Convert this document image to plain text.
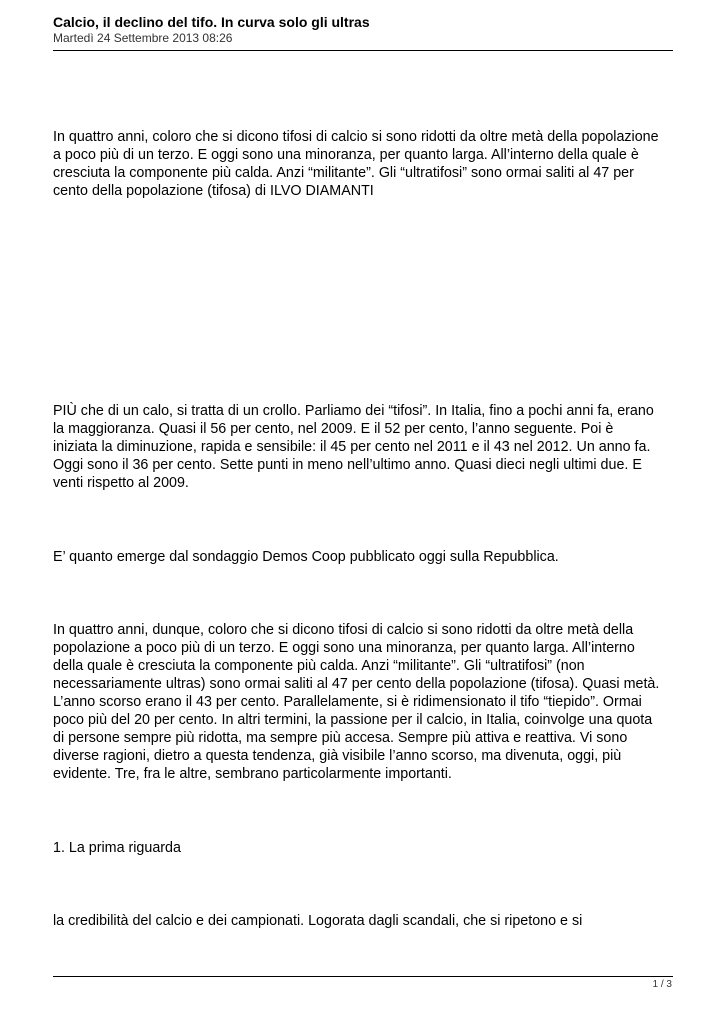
Calcio, il declino del tifo. In curva solo gli ultras
Martedì 24 Settembre 2013 08:26

In quattro anni, coloro che si dicono tifosi di calcio si sono ridotti da oltre metà della popolazione
a poco più di un terzo. E oggi sono una minoranza, per quanto larga. All’interno della quale è
cresciuta la componente più calda. Anzi “militante”. Gli “ultratifosi” sono ormai saliti al 47 per
cento della popolazione (tifosa) di ILVO DIAMANTI

PIÙ che di un calo, si tratta di un crollo. Parliamo dei “tifosi”. In Italia, fino a pochi anni fa, erano
la maggioranza. Quasi il 56 per cento, nel 2009. E il 52 per cento, l’anno seguente. Poi è
iniziata la diminuzione, rapida e sensibile: il 45 per cento nel 2011 e il 43 nel 2012. Un anno fa.
Oggi sono il 36 per cento. Sette punti in meno nell’ultimo anno. Quasi dieci negli ultimi due. E
venti rispetto al 2009.

E’ quanto emerge dal sondaggio Demos Coop pubblicato oggi sulla Repubblica.

In quattro anni, dunque, coloro che si dicono tifosi di calcio si sono ridotti da oltre metà della
popolazione a poco più di un terzo. E oggi sono una minoranza, per quanto larga. All’interno
della quale è cresciuta la componente più calda. Anzi “militante”. Gli “ultratifosi” (non
necessariamente ultras) sono ormai saliti al 47 per cento della popolazione (tifosa). Quasi metà.
L’anno scorso erano il 43 per cento. Parallelamente, si è ridimensionato il tifo “tiepido”. Ormai
poco più del 20 per cento. In altri termini, la passione per il calcio, in Italia, coinvolge una quota
di persone sempre più ridotta, ma sempre più accesa. Sempre più attiva e reattiva. Vi sono
diverse ragioni, dietro a questa tendenza, già visibile l’anno scorso, ma divenuta, oggi, più
evidente. Tre, fra le altre, sembrano particolarmente importanti.

1. La prima riguarda

la credibilità del calcio e dei campionati. Logorata dagli scandali, che si ripetono e si

1 / 3
